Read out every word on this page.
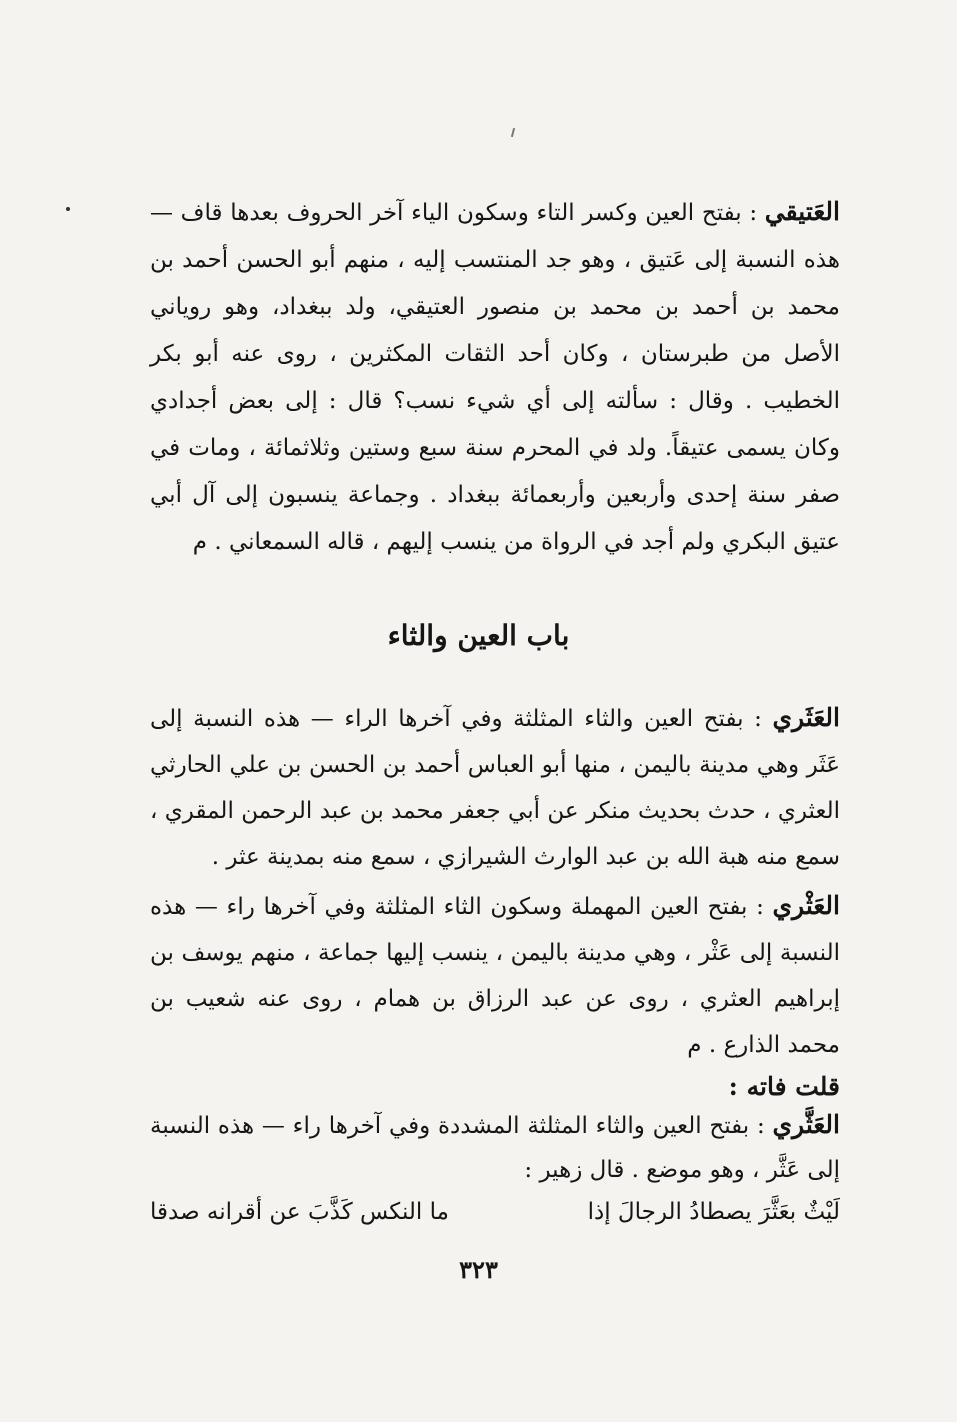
العَتيقي : بفتح العين وكسر التاء وسكون الياء آخر الحروف بعدها قاف — هذه النسبة إلى عَتيق ، وهو جد المنتسب إليه ، منهم أبو الحسن أحمد بن محمد بن أحمد بن محمد بن منصور العتيقي، ولد ببغداد، وهو روياني الأصل من طبرستان ، وكان أحد الثقات المكثرين ، روى عنه أبو بكر الخطيب . وقال : سألته إلى أي شيء نسب؟ قال : إلى بعض أجدادي وكان يسمى عتيقاً. ولد في المحرم سنة سبع وستين وثلاثمائة ، ومات في صفر سنة إحدى وأربعين وأربعمائة ببغداد . وجماعة ينسبون إلى آل أبي عتيق البكري ولم أجد في الرواة من ينسب إليهم ، قاله السمعاني . م

باب العين والثاء

العَثَري : بفتح العين والثاء المثلثة وفي آخرها الراء — هذه النسبة إلى عَثَر وهي مدينة باليمن ، منها أبو العباس أحمد بن الحسن بن علي الحارثي العثري ، حدث بحديث منكر عن أبي جعفر محمد بن عبد الرحمن المقري ، سمع منه هبة الله بن عبد الوارث الشيرازي ، سمع منه بمدينة عثر .

العَثْري : بفتح العين المهملة وسكون الثاء المثلثة وفي آخرها راء — هذه النسبة إلى عَثْر ، وهي مدينة باليمن ، ينسب إليها جماعة ، منهم يوسف بن إبراهيم العثري ، روى عن عبد الرزاق بن همام ، روى عنه شعيب بن محمد الذارع . م

قلت فاته :

العَثَّري : بفتح العين والثاء المثلثة المشددة وفي آخرها راء — هذه النسبة إلى عَثَّر ، وهو موضع . قال زهير :

لَيْثٌ بعَثَّرَ يصطادُ الرجالَ إذا
ما النكس كَذَّبَ عن أقرانه صدقا
٣٢٣
